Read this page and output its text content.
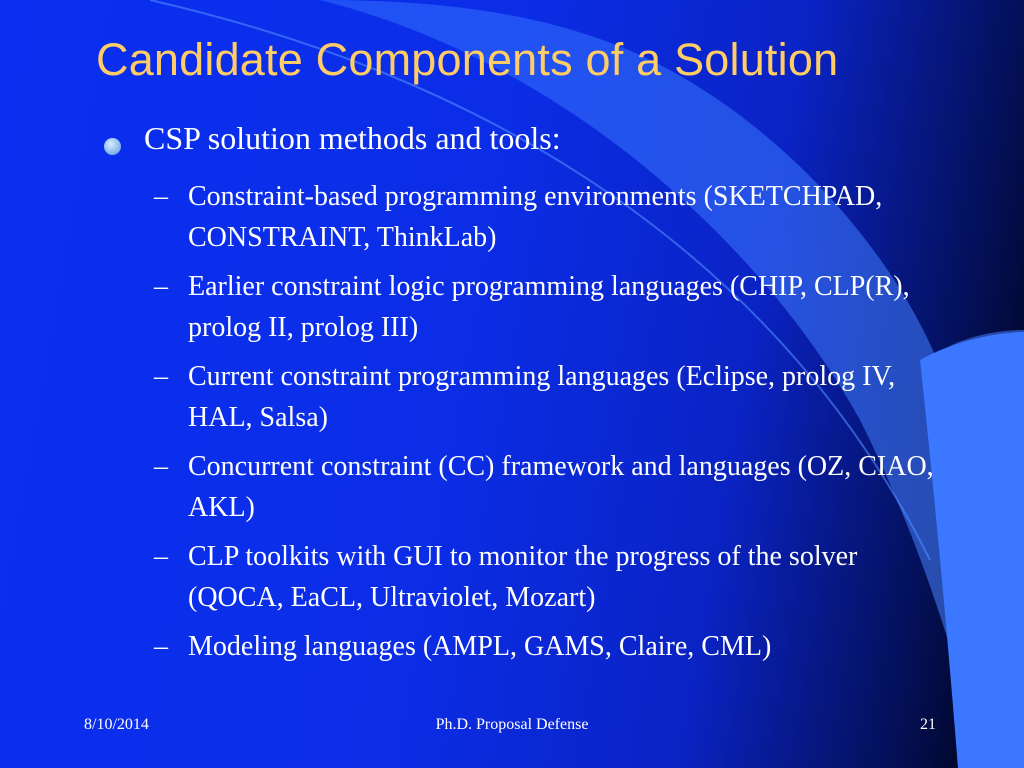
Candidate Components of a Solution
CSP solution methods and tools:
– Constraint-based programming environments (SKETCHPAD, CONSTRAINT, ThinkLab)
– Earlier constraint logic programming languages (CHIP, CLP(R), prolog II, prolog III)
– Current constraint programming languages (Eclipse, prolog IV, HAL, Salsa)
– Concurrent constraint (CC) framework and languages (OZ, CIAO, AKL)
– CLP toolkits with GUI to monitor the progress of the solver (QOCA, EaCL, Ultraviolet, Mozart)
– Modeling languages (AMPL, GAMS, Claire, CML)
8/10/2014	Ph.D. Proposal Defense	21
